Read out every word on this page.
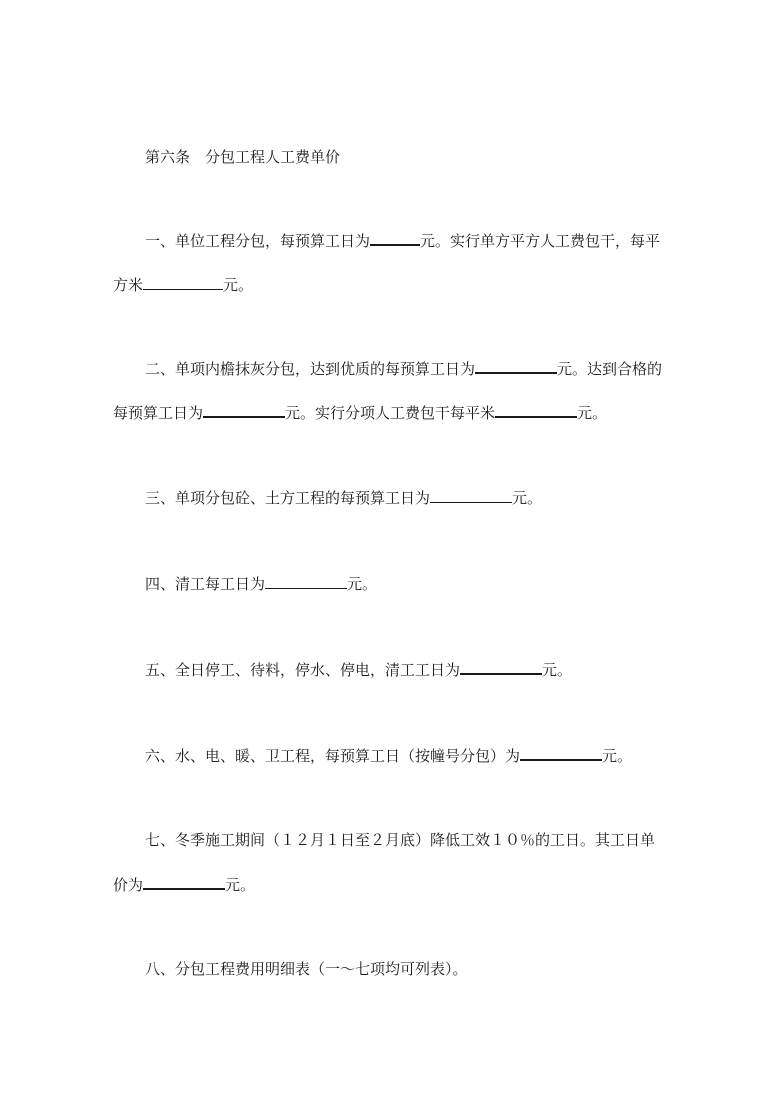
第六条　分包工程人工费单价
一、单位工程分包，每预算工日为	元。实行单方平方人工费包干，每平
方米	元。
二、单项内檐抹灰分包，达到优质的每预算工日为	元。达到合格的
每预算工日为	元。实行分项人工费包干每平米	元。
三、单项分包砼、土方工程的每预算工日为	元。
四、清工每工日为	元。
五、全日停工、待料，停水、停电，清工工日为	元。
六、水、电、暖、卫工程，每预算工日（按幢号分包）为	元。
七、冬季施工期间（１２月１日至２月底）降低工效１０％的工日。其工日单
价为	元。
八、分包工程费用明细表（一～七项均可列表）。
